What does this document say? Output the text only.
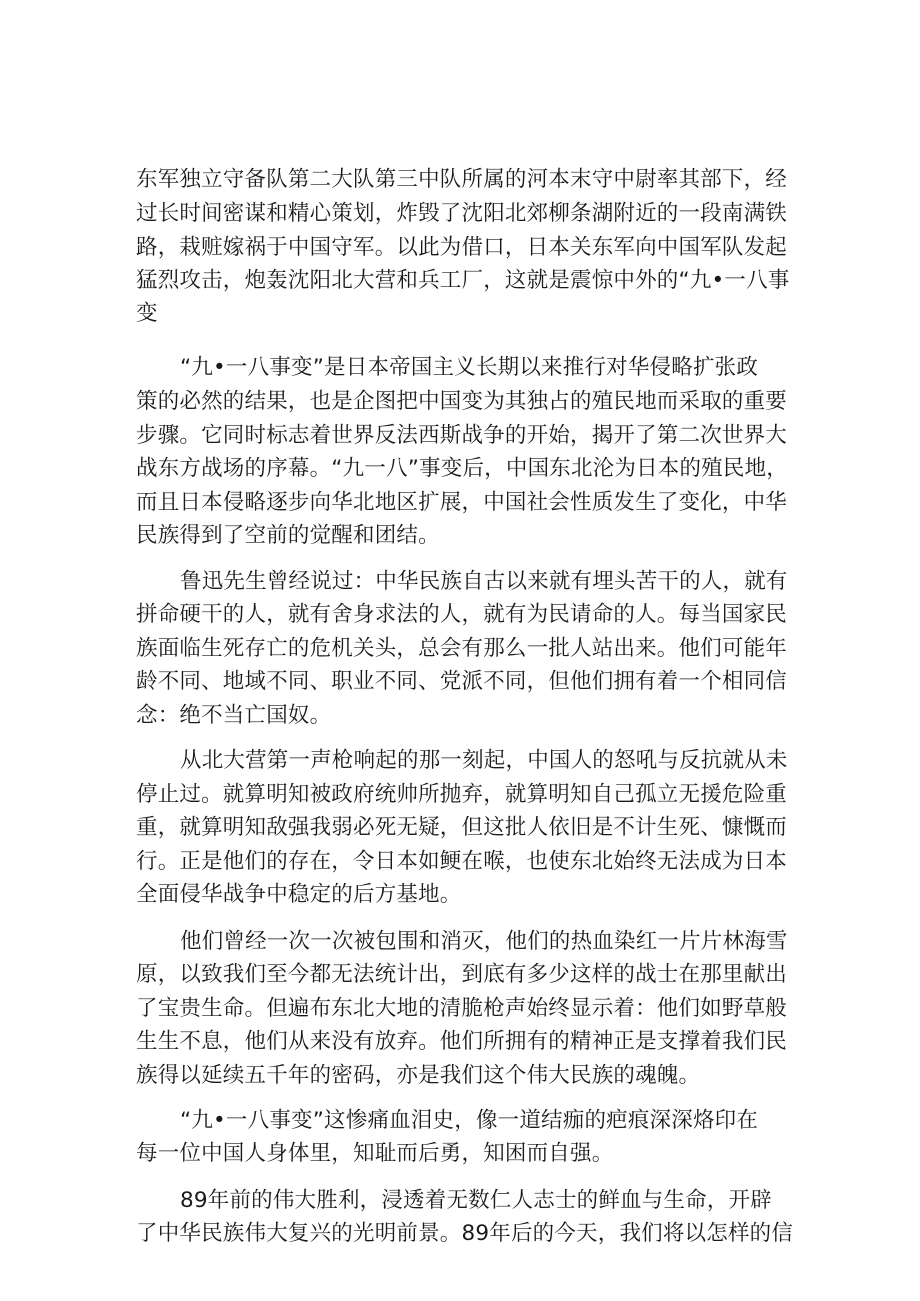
东军独立守备队第二大队第三中队所属的河本末守中尉率其部下，经
过长时间密谋和精心策划，炸毁了沈阳北郊柳条湖附近的一段南满铁
路，栽赃嫁祸于中国守军。以此为借口，日本关东军向中国军队发起
猛烈攻击，炮轰沈阳北大营和兵工厂，这就是震惊中外的“九•一八事
变
“九•一八事变”是日本帝国主义长期以来推行对华侵略扩张政
策的必然的结果，也是企图把中国变为其独占的殖民地而采取的重要
步骤。它同时标志着世界反法西斯战争的开始，揭开了第二次世界大
战东方战场的序幕。“九一八”事变后，中国东北沦为日本的殖民地，
而且日本侵略逐步向华北地区扩展，中国社会性质发生了变化，中华
民族得到了空前的觉醒和团结。
鲁迅先生曾经说过：中华民族自古以来就有埋头苦干的人，就有
拼命硬干的人，就有舍身求法的人，就有为民请命的人。每当国家民
族面临生死存亡的危机关头，总会有那么一批人站出来。他们可能年
龄不同、地域不同、职业不同、党派不同，但他们拥有着一个相同信
念：绝不当亡国奴。
从北大营第一声枪响起的那一刻起，中国人的怒吼与反抗就从未
停止过。就算明知被政府统帅所抛弃，就算明知自己孤立无援危险重
重，就算明知敌强我弱必死无疑，但这批人依旧是不计生死、慷慨而
行。正是他们的存在，令日本如鲠在喉，也使东北始终无法成为日本
全面侵华战争中稳定的后方基地。
他们曾经一次一次被包围和消灭，他们的热血染红一片片林海雪
原，以致我们至今都无法统计出，到底有多少这样的战士在那里献出
了宝贵生命。但遍布东北大地的清脆枪声始终显示着：他们如野草般
生生不息，他们从来没有放弃。他们所拥有的精神正是支撑着我们民
族得以延续五千年的密码，亦是我们这个伟大民族的魂魄。
“九•一八事变”这惨痛血泪史，像一道结痂的疤痕深深烙印在
每一位中国人身体里，知耻而后勇，知困而自强。
89年前的伟大胜利，浸透着无数仁人志士的鲜血与生命，开辟
了中华民族伟大复兴的光明前景。89年后的今天，我们将以怎样的信
